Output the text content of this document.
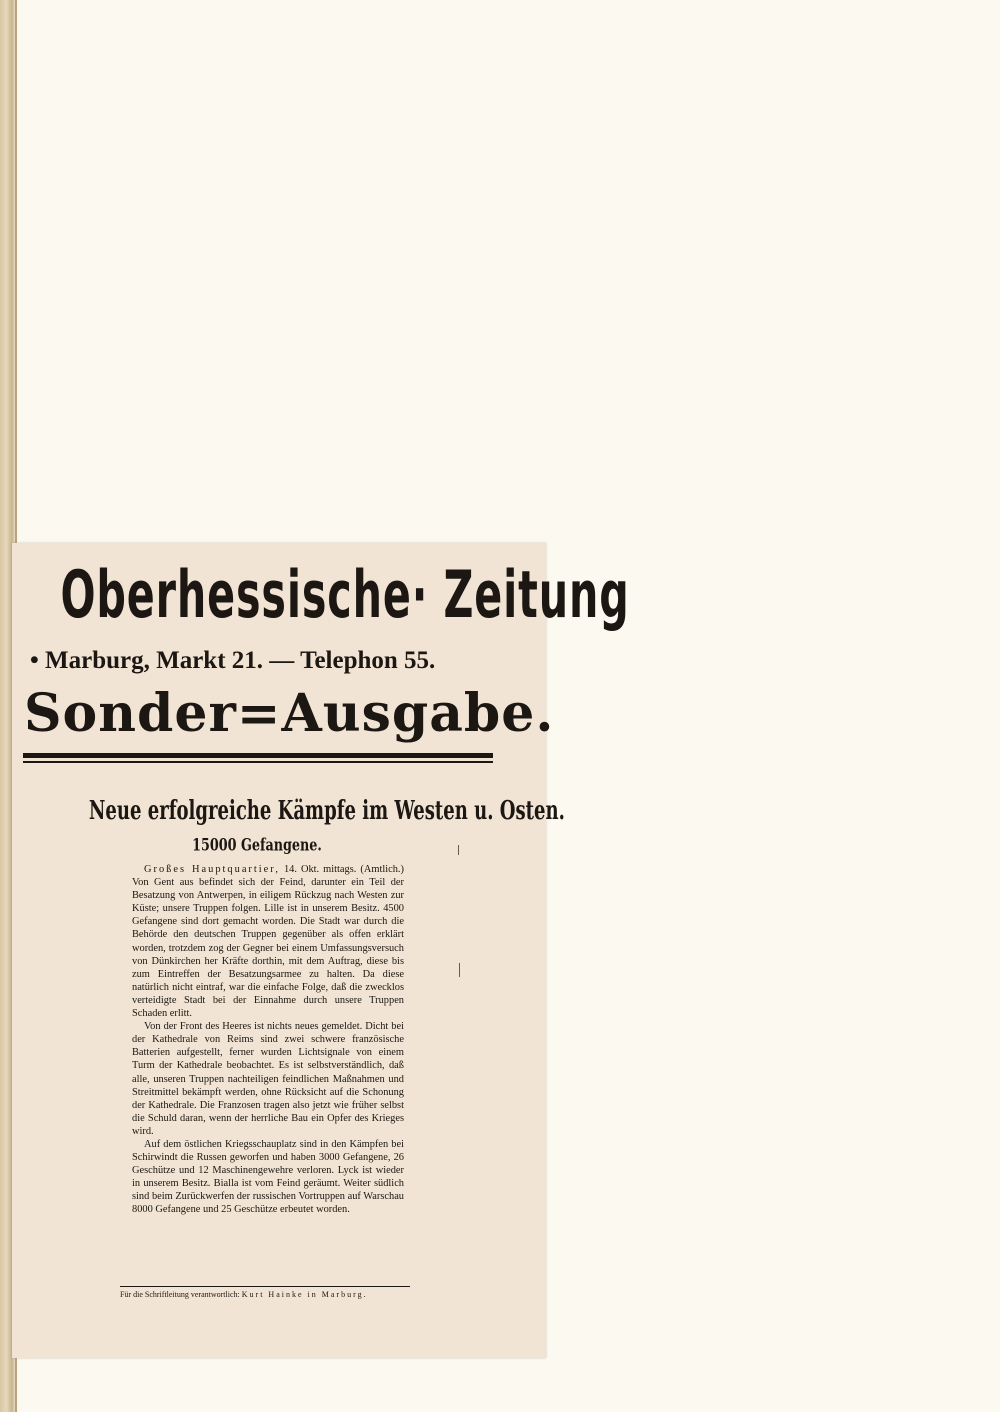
Oberhessische· Zeitung
• Marburg, Markt 21. — Telephon 55.
Sonder=Ausgabe.
Neue erfolgreiche Kämpfe im Westen u. Osten.
15000 Gefangene.

Großes Hauptquartier, 14. Okt. mittags. (Amtlich.) Von Gent aus befindet sich der Feind, darunter ein Teil der Besatzung von Antwerpen, in eiligem Rückzug nach Westen zur Küste; unsere Truppen folgen. Lille ist in unserem Besitz. 4500 Gefangene sind dort gemacht worden. Die Stadt war durch die Behörde den deutschen Truppen gegenüber als offen erklärt worden, trotzdem zog der Gegner bei einem Umfassungsversuch von Dünkirchen her Kräfte dorthin, mit dem Auftrag, diese bis zum Eintreffen der Besatzungsarmee zu halten. Da diese natürlich nicht eintraf, war die einfache Folge, daß die zwecklos verteidigte Stadt bei der Einnahme durch unsere Truppen Schaden erlitt.

Von der Front des Heeres ist nichts neues gemeldet. Dicht bei der Kathedrale von Reims sind zwei schwere französische Batterien aufgestellt, ferner wurden Lichtsignale von einem Turm der Kathedrale beobachtet. Es ist selbstverständlich, daß alle, unseren Truppen nachteiligen feindlichen Maßnahmen und Streitmittel bekämpft werden, ohne Rücksicht auf die Schonung der Kathedrale. Die Franzosen tragen also jetzt wie früher selbst die Schuld daran, wenn der herrliche Bau ein Opfer des Krieges wird.

Auf dem östlichen Kriegsschauplatz sind in den Kämpfen bei Schirwindt die Russen geworfen und haben 3000 Gefangene, 26 Geschütze und 12 Maschinengewehre verloren. Lyck ist wieder in unserem Besitz. Bialla ist vom Feind geräumt. Weiter südlich sind beim Zurückwerfen der russischen Vortruppen auf Warschau 8000 Gefangene und 25 Geschütze erbeutet worden.

Für die Schriftleitung verantwortlich: Kurt Hainke in Marburg.
